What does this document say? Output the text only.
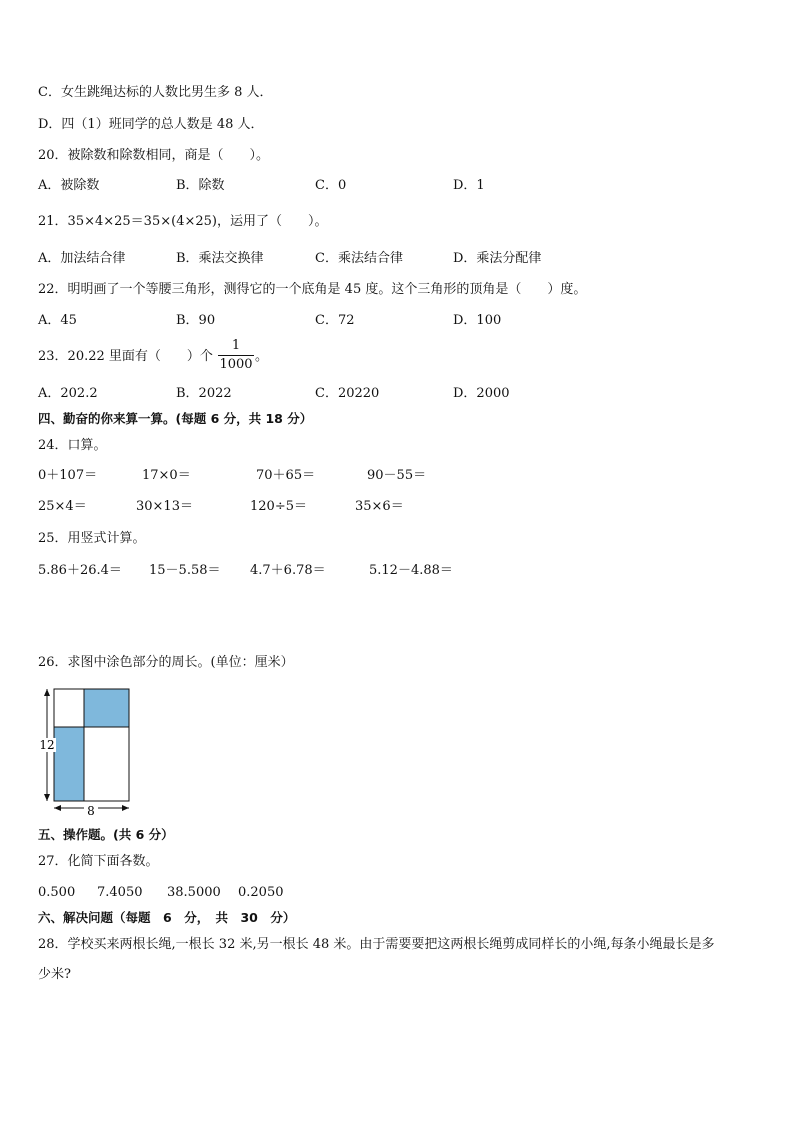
C．女生跳绳达标的人数比男生多 8 人．
D．四（1）班同学的总人数是 48 人．
20．被除数和除数相同，商是（　　）。
A．被除数	B．除数	C．0	D．1
21．35×4×25＝35×(4×25)，运用了（　　）。
A．加法结合律	B．乘法交换律	C．乘法结合律	D．乘法分配律
22．明明画了一个等腰三角形，测得它的一个底角是 45 度。这个三角形的顶角是（　　）度。
A．45	B．90	C．72	D．100
23．20.22 里面有（　　）个
1
1000
。
A．202.2	B．2022	C．20220	D．2000
四、勤奋的你来算一算。(每题 6 分，共 18 分）
24．口算。
0＋107＝	17×0＝	70＋65＝	90－55＝
25×4＝	30×13＝	120÷5＝	35×6＝
25．用竖式计算。
5.86＋26.4＝ 15－5.58＝ 4.7＋6.78＝	5.12－4.88＝
26．求图中涂色部分的周长。(单位：厘米）
12
8
五、操作题。(共 6 分）
27．化简下面各数。
0.500 7.4050 38.5000 0.2050
六、解决问题（每题　6　分，　共　30　分）
28．学校买来两根长绳,一根长 32 米,另一根长 48 米。由于需要要把这两根长绳剪成同样长的小绳,每条小绳最长是多
少米?
